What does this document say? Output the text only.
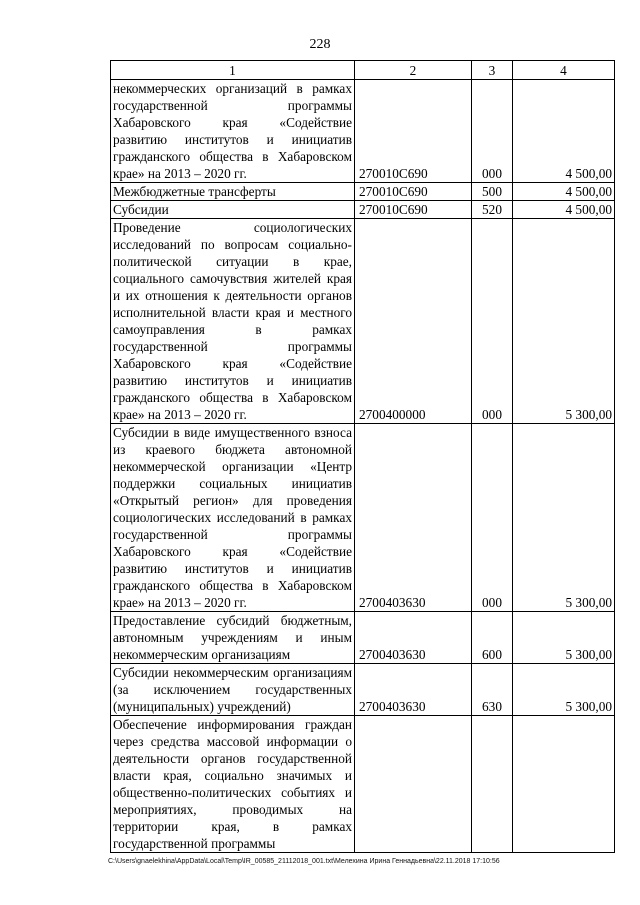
228
1	2	3	4
некоммерческих организаций в рамках государственной программы Хабаровского края «Содействие развитию институтов и инициатив гражданского общества в Хабаровском крае» на 2013 – 2020 гг.	270010С690	000	4 500,00
Межбюджетные трансферты	270010С690	500	4 500,00
Субсидии	270010С690	520	4 500,00
Проведение социологических исследований по вопросам социально-политической ситуации в крае, социального самочувствия жителей края и их отношения к деятельности органов исполнительной власти края и местного самоуправления в рамках государственной программы Хабаровского края «Содействие развитию институтов и инициатив гражданского общества в Хабаровском крае» на 2013 – 2020 гг.	2700400000	000	5 300,00
Субсидии в виде имущественного взноса из краевого бюджета автономной некоммерческой организации «Центр поддержки социальных инициатив «Открытый регион» для проведения социологических исследований в рамках государственной программы Хабаровского края «Содействие развитию институтов и инициатив гражданского общества в Хабаровском крае» на 2013 – 2020 гг.	2700403630	000	5 300,00
Предоставление субсидий бюджетным, автономным учреждениям и иным некоммерческим организациям	2700403630	600	5 300,00
Субсидии некоммерческим организациям (за исключением государственных (муниципальных) учреждений)	2700403630	630	5 300,00
Обеспечение информирования граждан через средства массовой информации о деятельности органов государственной власти края, социально значимых и общественно-политических событиях и мероприятиях, проводимых на территории края, в рамках государственной программы			
C:\Users\gnaelekhina\AppData\Local\Temp\IR_00585_21112018_001.txt\Мелехина Ирина Геннадьевна\22.11.2018 17:10:56
